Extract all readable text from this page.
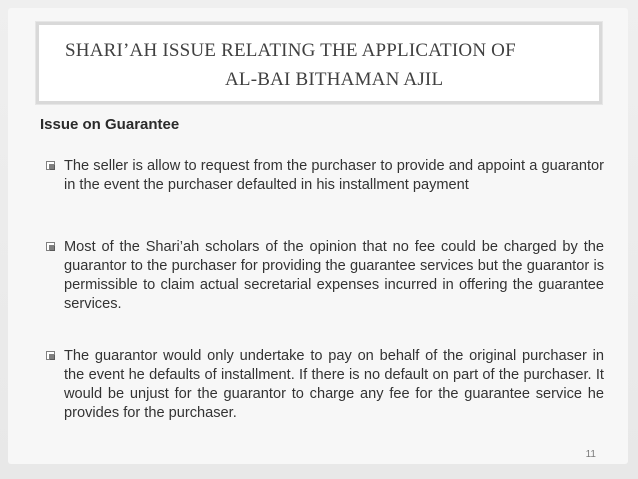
SHARI’AH ISSUE RELATING THE APPLICATION OF
AL-BAI BITHAMAN AJIL
Issue on Guarantee
The seller is allow to request from the purchaser to provide and appoint a guarantor in the event the purchaser defaulted in his installment payment
Most of the Shari’ah scholars of the opinion that no fee could be charged by the guarantor to the purchaser for providing the guarantee services but the guarantor is permissible to claim actual secretarial expenses incurred in offering the guarantee services.
The guarantor would only undertake to pay on behalf of the original purchaser in the event he defaults of installment. If there is no default on part of the purchaser. It would be unjust for the guarantor to charge any fee for the guarantee service he provides for the purchaser.
11
